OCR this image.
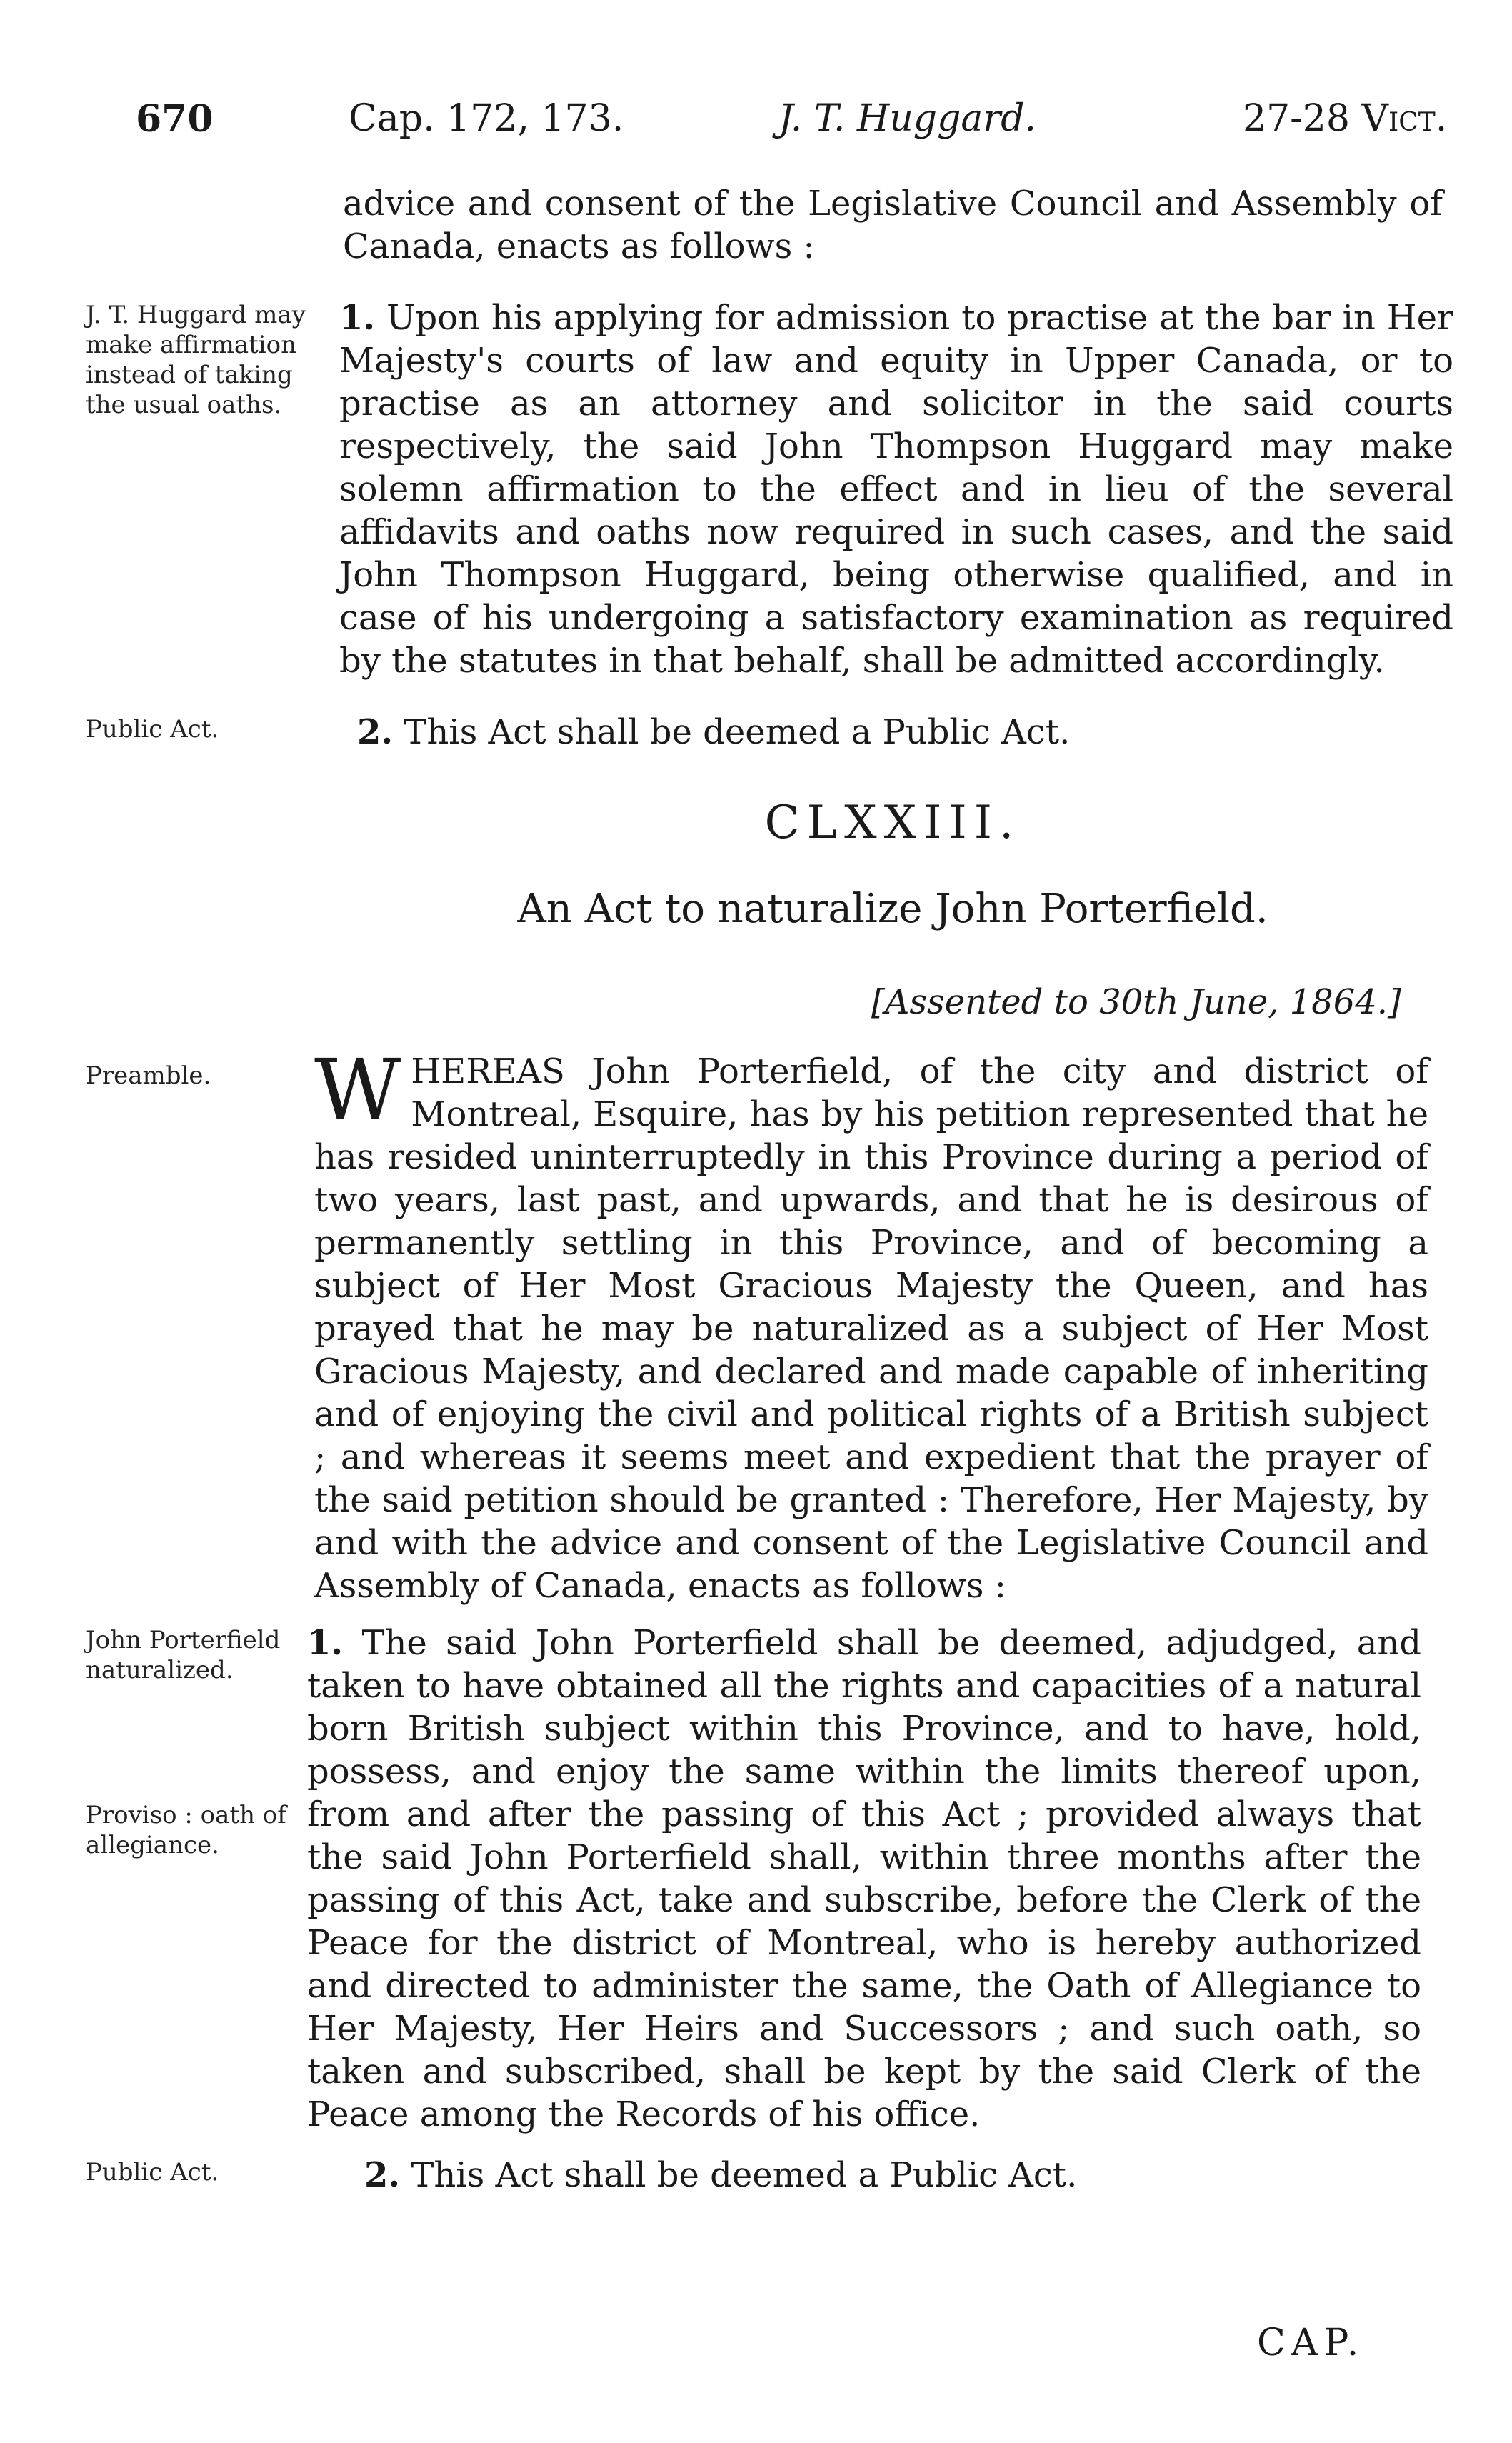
670	Cap. 172, 173.	J. T. Huggard.	27-28 Vict.
advice and consent of the Legislative Council and Assembly of Canada, enacts as follows :
J. T. Huggard may make affirmation instead of taking the usual oaths.
1. Upon his applying for admission to practise at the bar in Her Majesty's courts of law and equity in Upper Canada, or to practise as an attorney and solicitor in the said courts respectively, the said John Thompson Huggard may make solemn affirmation to the effect and in lieu of the several affidavits and oaths now required in such cases, and the said John Thompson Huggard, being otherwise qualified, and in case of his undergoing a satisfactory examination as required by the statutes in that behalf, shall be admitted accordingly.
Public Act.	2. This Act shall be deemed a Public Act.
CLXXIII.
An Act to naturalize John Porterfield.
[Assented to 30th June, 1864.]
Preamble.	W HEREAS John Porterfield, of the city and district of Montreal, Esquire, has by his petition represented that he has resided uninterruptedly in this Province during a period of two years, last past, and upwards, and that he is desirous of permanently settling in this Province, and of becoming a subject of Her Most Gracious Majesty the Queen, and has prayed that he may be naturalized as a subject of Her Most Gracious Majesty, and declared and made capable of inheriting and of enjoying the civil and political rights of a British subject ; and whereas it seems meet and expedient that the prayer of the said petition should be granted : Therefore, Her Majesty, by and with the advice and consent of the Legislative Council and Assembly of Canada, enacts as follows :
John Porterfield naturalized.
Proviso : oath of allegiance.
1. The said John Porterfield shall be deemed, adjudged, and taken to have obtained all the rights and capacities of a natural born British subject within this Province, and to have, hold, possess, and enjoy the same within the limits thereof upon, from and after the passing of this Act ; provided always that the said John Porterfield shall, within three months after the passing of this Act, take and subscribe, before the Clerk of the Peace for the district of Montreal, who is hereby authorized and directed to administer the same, the Oath of Allegiance to Her Majesty, Her Heirs and Successors ; and such oath, so taken and subscribed, shall be kept by the said Clerk of the Peace among the Records of his office.
Public Act.	2. This Act shall be deemed a Public Act.
CAP.
